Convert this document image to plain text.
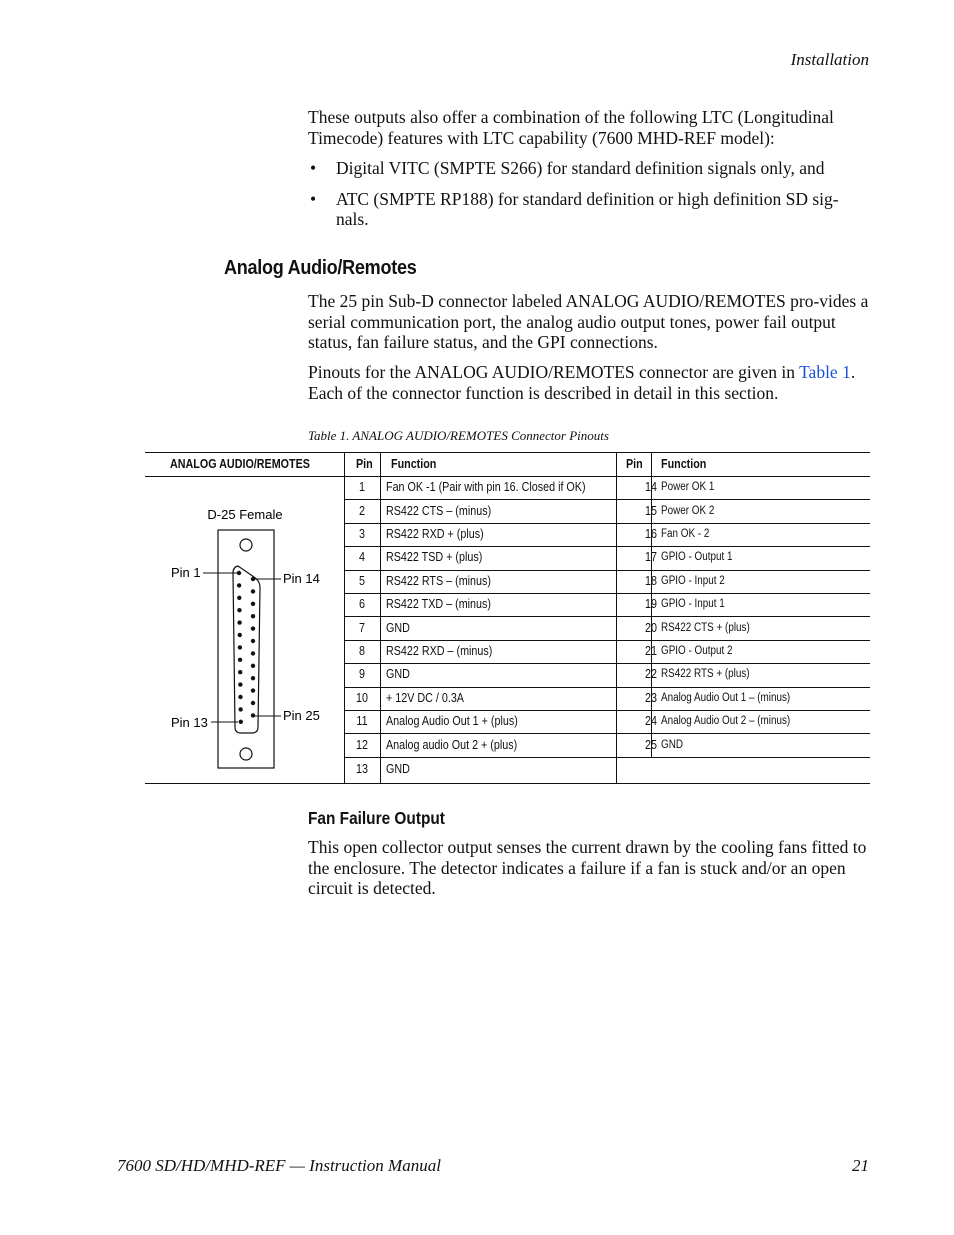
Installation
These outputs also offer a combination of the following LTC (Longitudinal Timecode) features with LTC capability (7600 MHD-REF model):
• Digital VITC (SMPTE S266) for standard definition signals only, and
• ATC (SMPTE RP188) for standard definition or high definition SD sig-nals.
Analog Audio/Remotes
The 25 pin Sub-D connector labeled ANALOG AUDIO/REMOTES pro-vides a serial communication port, the analog audio output tones, power fail output status, fan failure status, and the GPI connections.
Pinouts for the ANALOG AUDIO/REMOTES connector are given in Table 1. Each of the connector function is described in detail in this section.
Table 1. ANALOG AUDIO/REMOTES Connector Pinouts
ANALOG AUDIO/REMOTES	Pin Function	Pin Function
D-25 Female
Pin 1
Pin 13
Pin 14
Pin 25
1	Fan OK -1 (Pair with pin 16. Closed if OK)	14 Power OK 1
2	RS422 CTS – (minus)	15 Power OK 2
3	RS422 RXD + (plus)	16 Fan OK - 2
4	RS422 TSD + (plus)	17 GPIO - Output 1
5	RS422 RTS – (minus)	18 GPIO - Input 2
6	RS422 TXD – (minus)	19 GPIO - Input 1
7	GND	20 RS422 CTS + (plus)
8	RS422 RXD – (minus)	21 GPIO - Output 2
9	GND	22 RS422 RTS + (plus)
10	+ 12V DC / 0.3A	23 Analog Audio Out 1 – (minus)
11	Analog Audio Out 1 + (plus)	24 Analog Audio Out 2 – (minus)
12	Analog audio Out 2 + (plus)	25 GND
13	GND
Fan Failure Output
This open collector output senses the current drawn by the cooling fans fitted to the enclosure. The detector indicates a failure if a fan is stuck and/or an open circuit is detected.
7600 SD/HD/MHD-REF — Instruction Manual	21
